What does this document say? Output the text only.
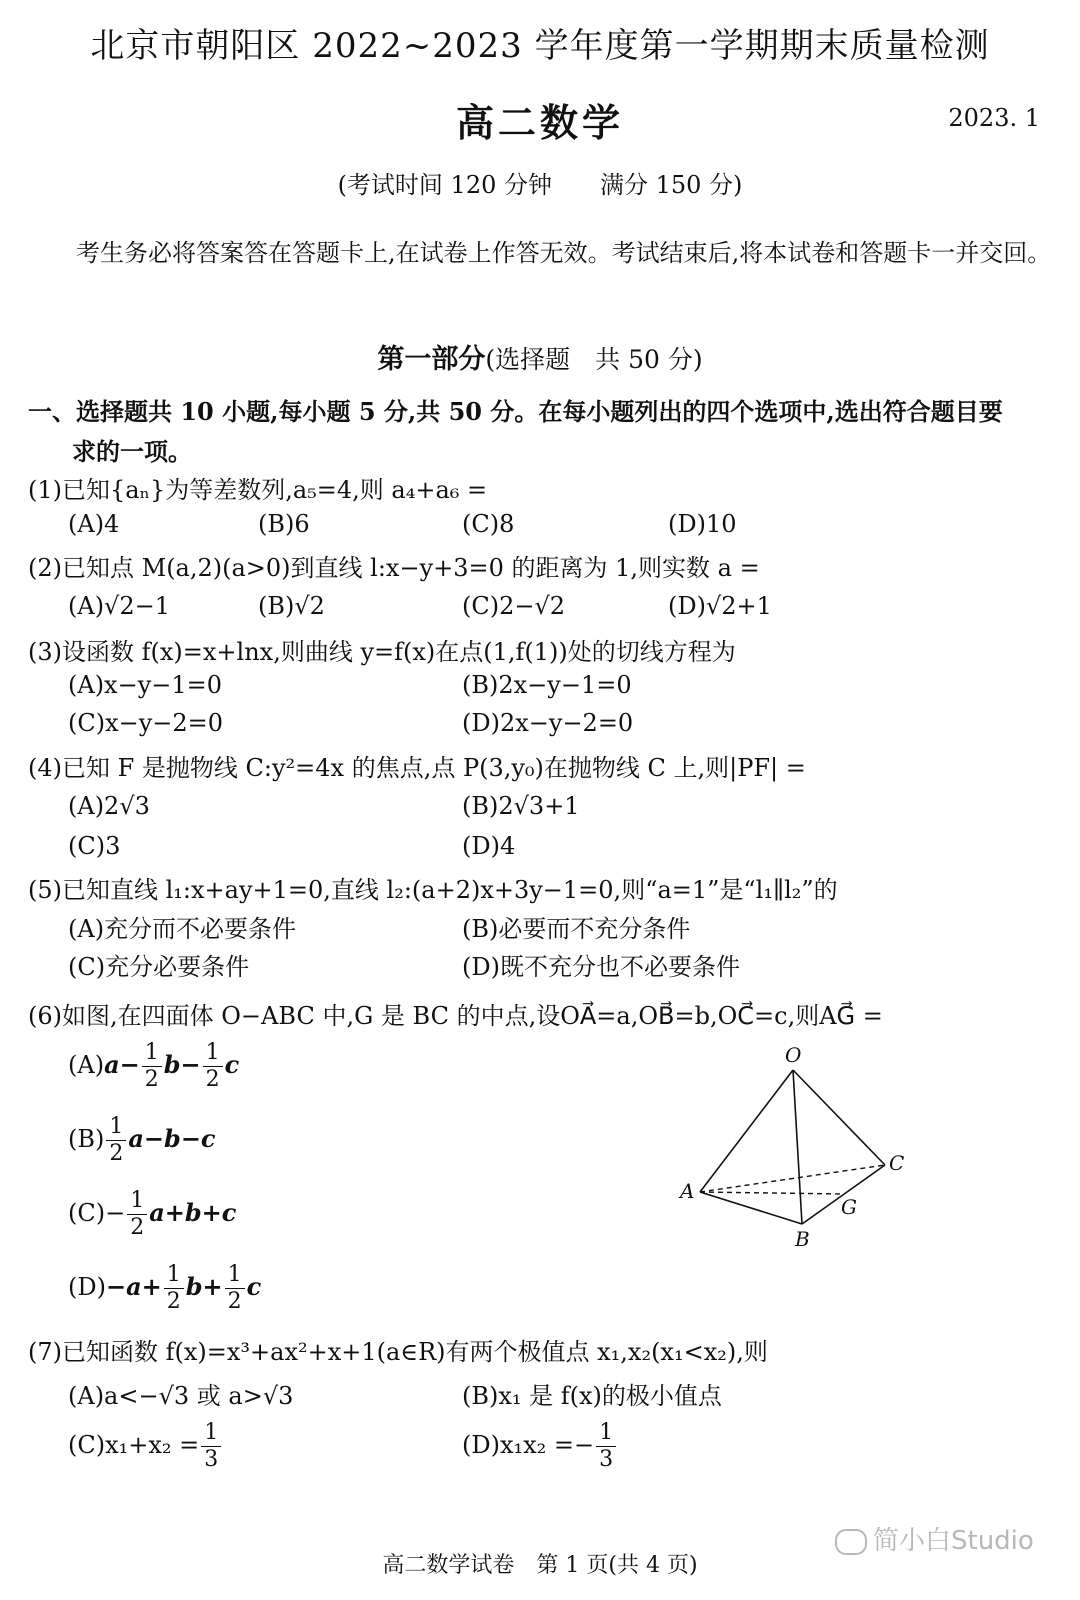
北京市朝阳区 2022~2023 学年度第一学期期末质量检测
高二数学	2023. 1
(考试时间 120 分钟　　满分 150 分)
考生务必将答案答在答题卡上,在试卷上作答无效。考试结束后,将本试卷和答题卡一并交回。
第一部分(选择题　共 50 分)
一、选择题共 10 小题,每小题 5 分,共 50 分。在每小题列出的四个选项中,选出符合题目要
求的一项。
(1)已知{aₙ}为等差数列,a₅=4,则 a₄+a₆ =
(A)4	(B)6	(C)8	(D)10
(2)已知点 M(a,2)(a>0)到直线 l:x−y+3=0 的距离为 1,则实数 a =
(A)√2−1	(B)√2	(C)2−√2	(D)√2+1
(3)设函数 f(x)=x+lnx,则曲线 y=f(x)在点(1,f(1))处的切线方程为
(A)x−y−1=0	(B)2x−y−1=0
(C)x−y−2=0	(D)2x−y−2=0
(4)已知 F 是抛物线 C:y²=4x 的焦点,点 P(3,y₀)在抛物线 C 上,则|PF| =
(A)2√3	(B)2√3+1
(C)3	(D)4
(5)已知直线 l₁:x+ay+1=0,直线 l₂:(a+2)x+3y−1=0,则“a=1”是“l₁∥l₂”的
(A)充分而不必要条件	(B)必要而不充分条件
(C)充分必要条件	(D)既不充分也不必要条件
(6)如图,在四面体 O−ABC 中,G 是 BC 的中点,设OA⃗=a,OB⃗=b,OC⃗=c,则AG⃗ =
$(A)a- \frac{1}{2} b- \frac{1}{2}$ c
$(B) \frac{1}{2} a-b-c$
$(C)- \frac{1}{2} a+b+c$
$(D)-a+ \frac{1}{2} b+ \frac{1}{2}$ c
O
A
B
C
G
(7)已知函数 f(x)=x³+ax²+x+1(a∈R)有两个极值点 x₁,x₂(x₁<x₂),则
(A)a<−√3 或 a>√3	(B)x₁ 是 f(x)的极小值点
$(C)x_1+x_2 = \frac{1}{3}$	$(D)x_1x_2 =- \frac{1}{3}$
简小白Studio
高二数学试卷　第 1 页(共 4 页)
